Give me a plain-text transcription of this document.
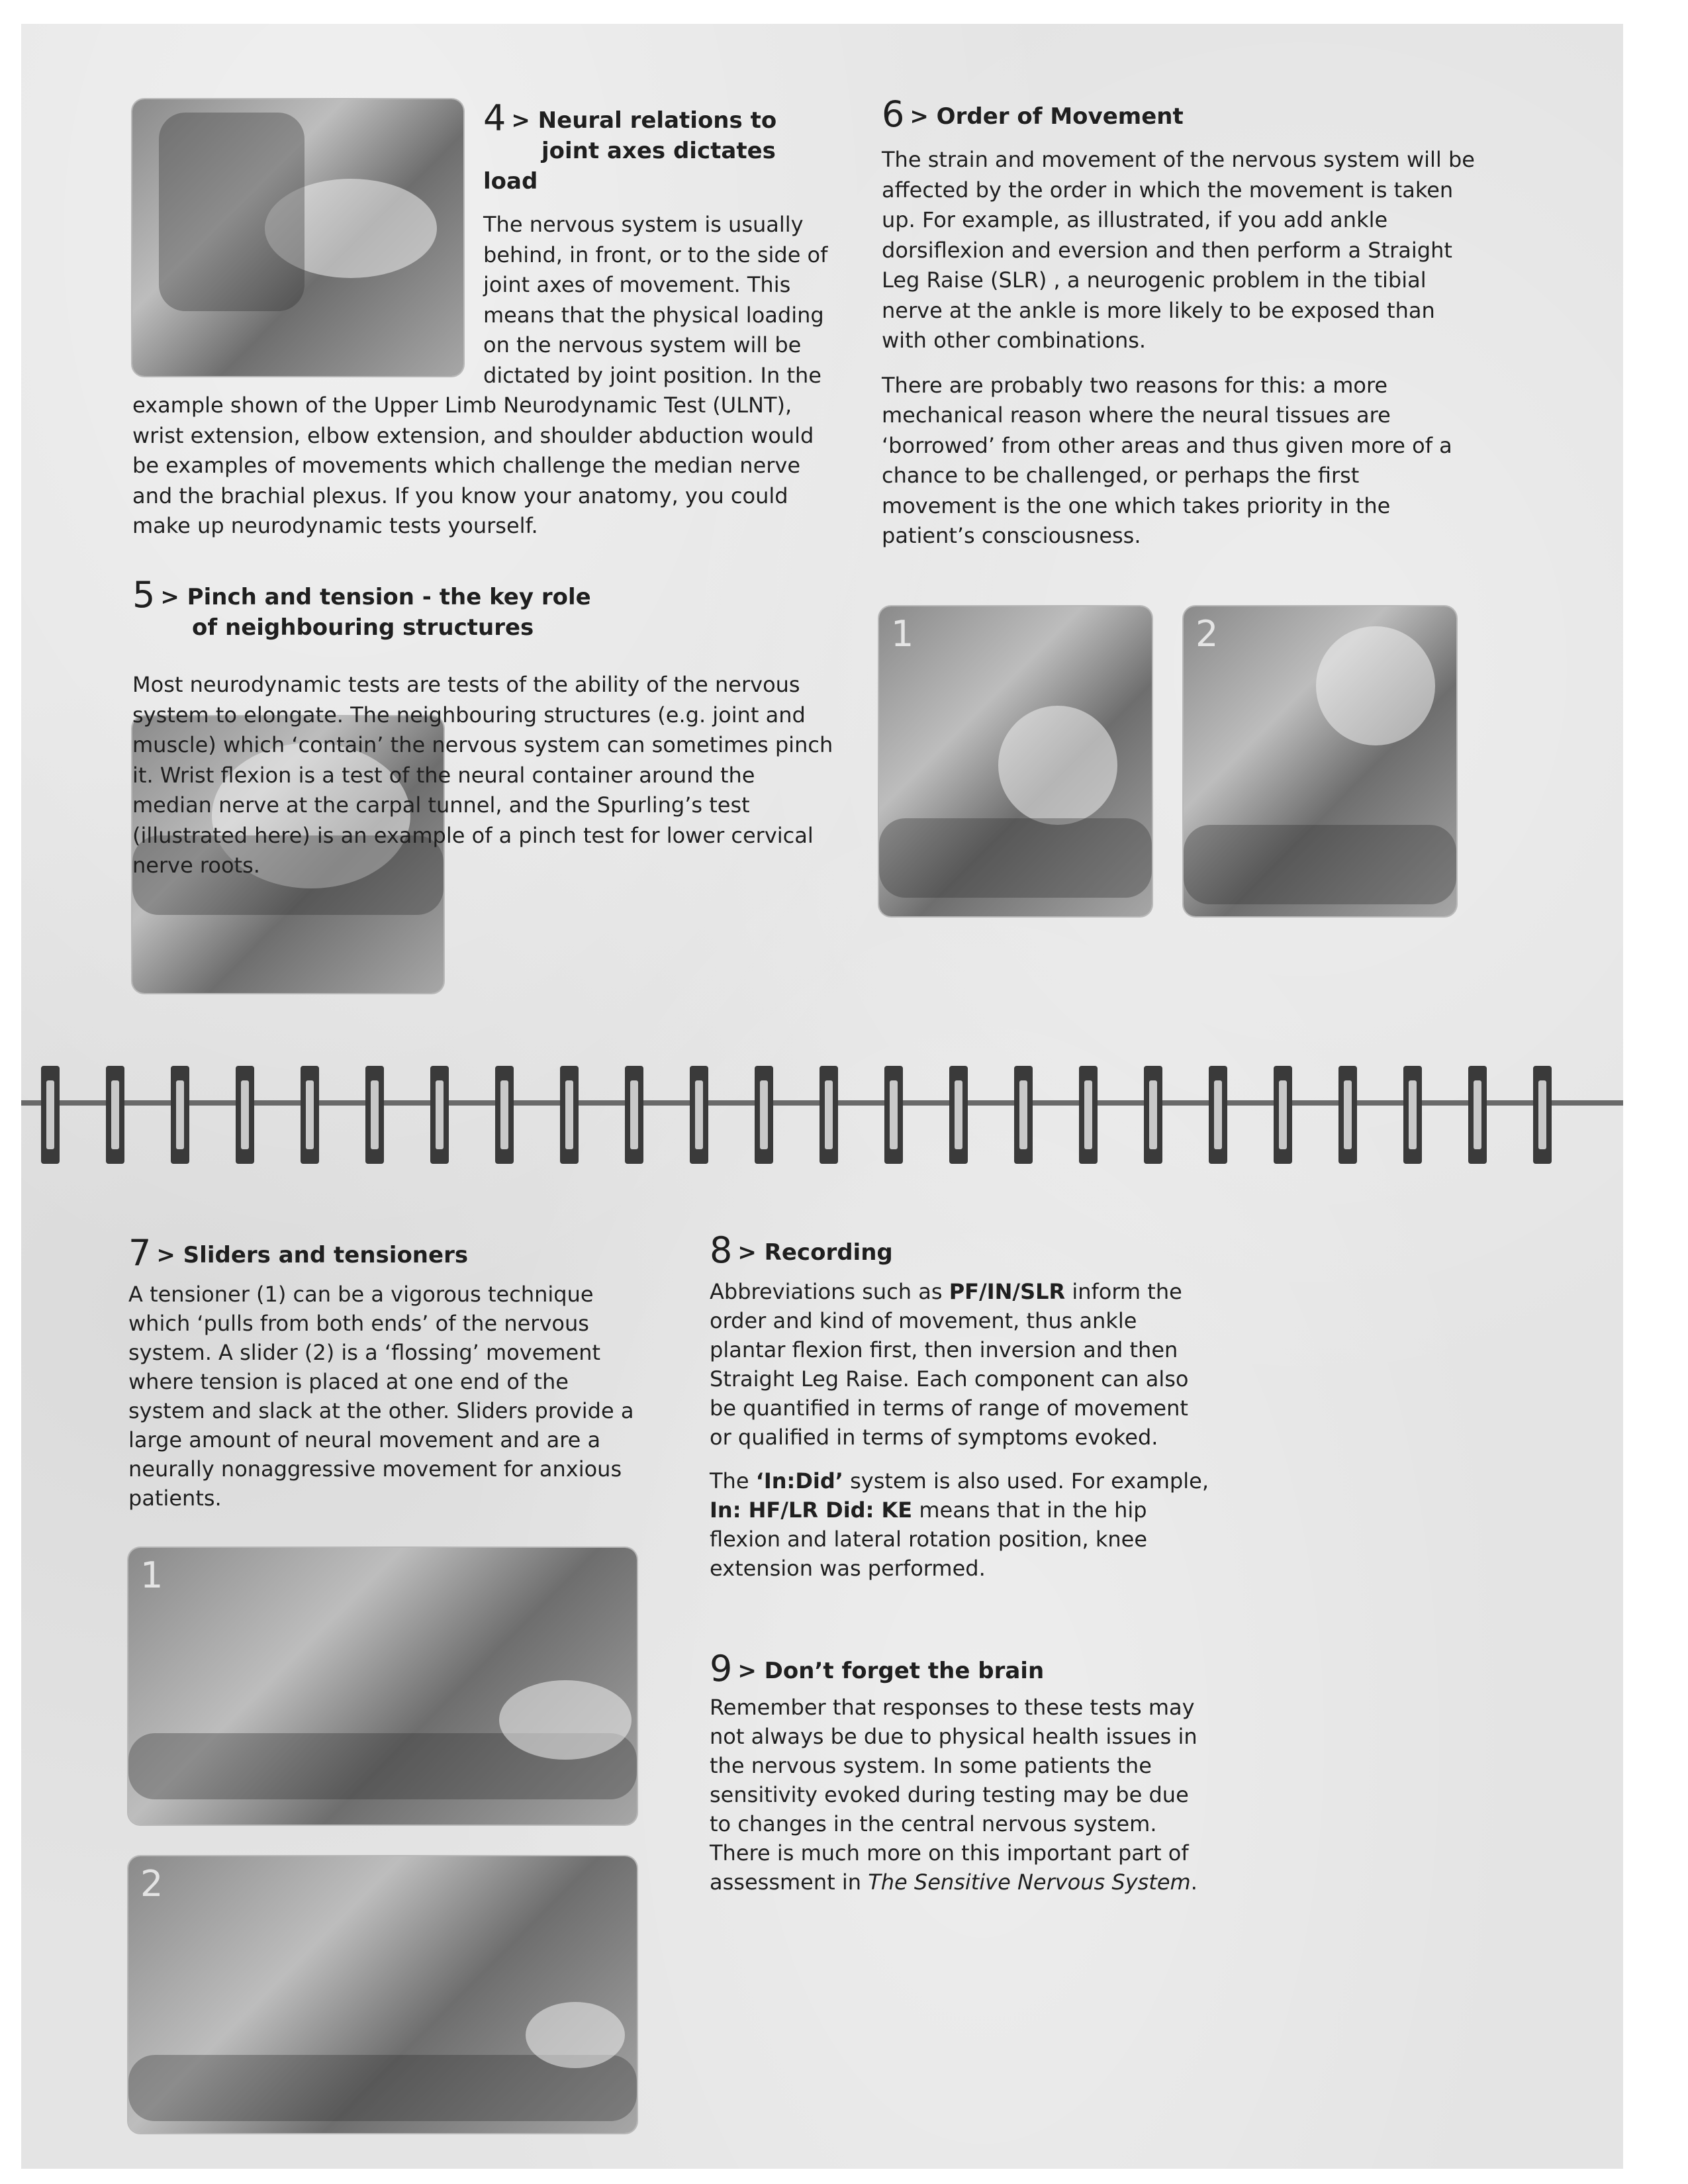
4 > Neural relations to
joint axes dictates load

The nervous system is usually behind, in front, or to the side of joint axes of movement. This means that the physical loading on the nervous system will be dictated by joint position. In the example shown of the Upper Limb Neurodynamic Test (ULNT), wrist extension, elbow extension, and shoulder abduction would be examples of movements which challenge the median nerve and the brachial plexus. If you know your anatomy, you could make up neurodynamic tests yourself.

5 > Pinch and tension - the key role
of neighbouring structures

Most neurodynamic tests are tests of the ability of the nervous system to elongate. The neighbouring structures (e.g. joint and muscle) which ‘contain’ the nervous system can sometimes pinch it. Wrist flexion is a test of the neural container around the median nerve at the carpal tunnel, and the Spurling’s test (illustrated here) is an example of a pinch test for lower cervical nerve roots.

6 > Order of Movement

The strain and movement of the nervous system will be affected by the order in which the movement is taken up. For example, as illustrated, if you add ankle dorsiflexion and eversion and then perform a Straight Leg Raise (SLR) , a neurogenic problem in the tibial nerve at the ankle is more likely to be exposed than with other combinations.

There are probably two reasons for this: a more mechanical reason where the neural tissues are ‘borrowed’ from other areas and thus given more of a chance to be challenged, or perhaps the first movement is the one which takes priority in the patient’s consciousness.

1	2

7 > Sliders and tensioners

A tensioner (1) can be a vigorous technique which ‘pulls from both ends’ of the nervous system. A slider (2) is a ‘flossing’ movement where tension is placed at one end of the system and slack at the other. Sliders provide a large amount of neural movement and are a neurally nonaggressive movement for anxious patients.

1
2

8 > Recording

Abbreviations such as PF/IN/SLR inform the order and kind of movement, thus ankle plantar flexion first, then inversion and then Straight Leg Raise. Each component can also be quantified in terms of range of movement or qualified in terms of symptoms evoked.

The ‘In:Did’ system is also used. For example, In: HF/LR Did: KE means that in the hip flexion and lateral rotation position, knee extension was performed.

9 > Don’t forget the brain

Remember that responses to these tests may not always be due to physical health issues in the nervous system. In some patients the sensitivity evoked during testing may be due to changes in the central nervous system. There is much more on this important part of assessment in The Sensitive Nervous System.
